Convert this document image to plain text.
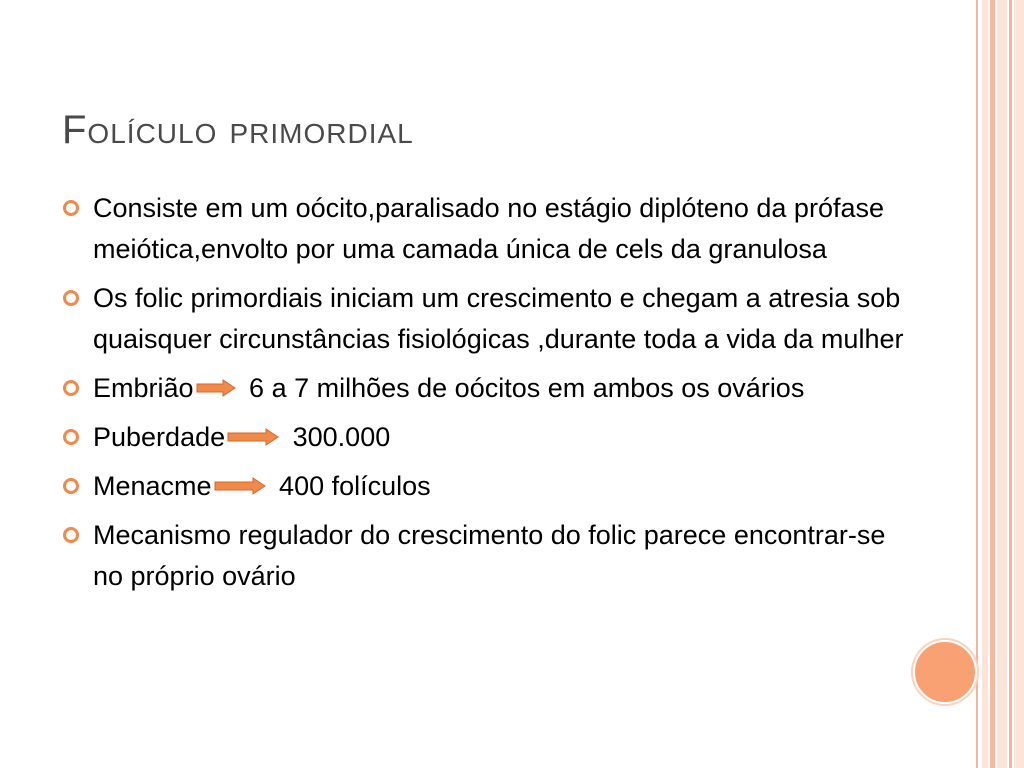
Folículo primordial
Consiste em um oócito,paralisado no estágio diplóteno da prófase meiótica,envolto por uma camada única de cels da granulosa
Os folic primordiais iniciam um crescimento e chegam a atresia sob quaisquer circunstâncias fisiológicas ,durante toda a vida da mulher
Embrião 6 a 7 milhões de oócitos em ambos os ovários
Puberdade 300.000
Menacme 400 folículos
Mecanismo regulador do crescimento do folic parece encontrar-se no próprio ovário
